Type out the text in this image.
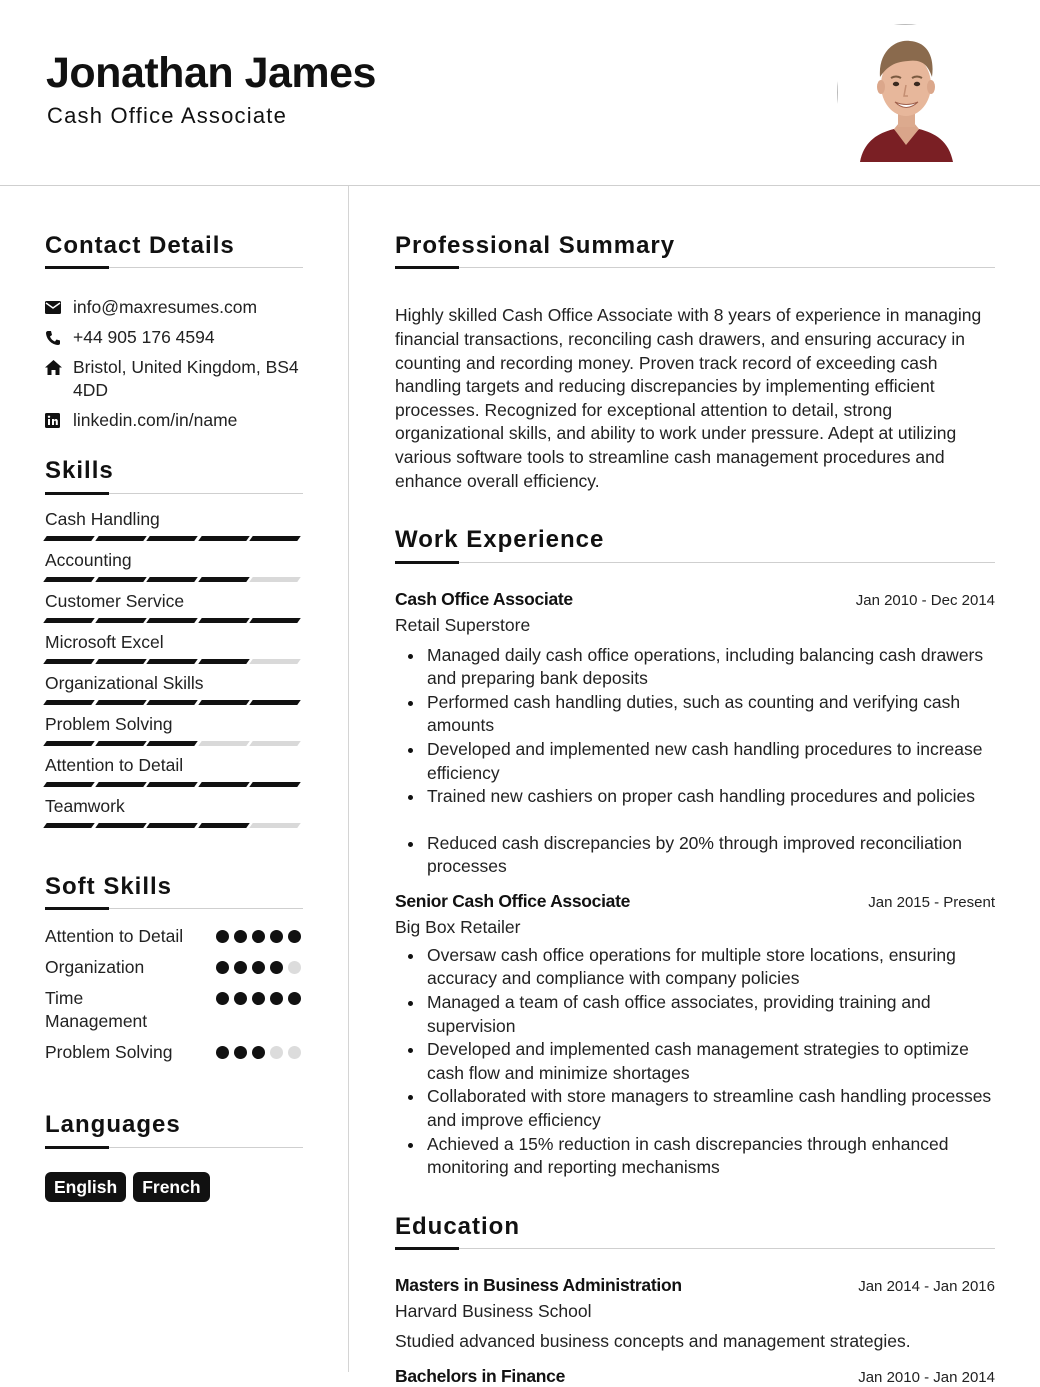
Jonathan James
Cash Office Associate
Contact Details
info@maxresumes.com
+44 905 176 4594
Bristol, United Kingdom, BS4 4DD
linkedin.com/in/name
Skills
Cash Handling
Accounting
Customer Service
Microsoft Excel
Organizational Skills
Problem Solving
Attention to Detail
Teamwork
Soft Skills
Attention to Detail
Organization
Time Management
Problem Solving
Languages
English	French
Professional Summary

Highly skilled Cash Office Associate with 8 years of experience in managing financial transactions, reconciling cash drawers, and ensuring accuracy in counting and recording money. Proven track record of exceeding cash handling targets and reducing discrepancies by implementing efficient processes. Recognized for exceptional attention to detail, strong organizational skills, and ability to work under pressure. Adept at utilizing various software tools to streamline cash management procedures and enhance overall efficiency.

Work Experience
Cash Office Associate	Jan 2010 - Dec 2014
Retail Superstore
Managed daily cash office operations, including balancing cash drawers and preparing bank deposits
Performed cash handling duties, such as counting and verifying cash amounts
Developed and implemented new cash handling procedures to increase efficiency
Trained new cashiers on proper cash handling procedures and policies
Reduced cash discrepancies by 20% through improved reconciliation processes
Senior Cash Office Associate	Jan 2015 - Present
Big Box Retailer
Oversaw cash office operations for multiple store locations, ensuring accuracy and compliance with company policies
Managed a team of cash office associates, providing training and supervision
Developed and implemented cash management strategies to optimize cash flow and minimize shortages
Collaborated with store managers to streamline cash handling processes and improve efficiency
Achieved a 15% reduction in cash discrepancies through enhanced monitoring and reporting mechanisms
Education
Masters in Business Administration	Jan 2014 - Jan 2016
Harvard Business School
Studied advanced business concepts and management strategies.
Bachelors in Finance	Jan 2010 - Jan 2014
